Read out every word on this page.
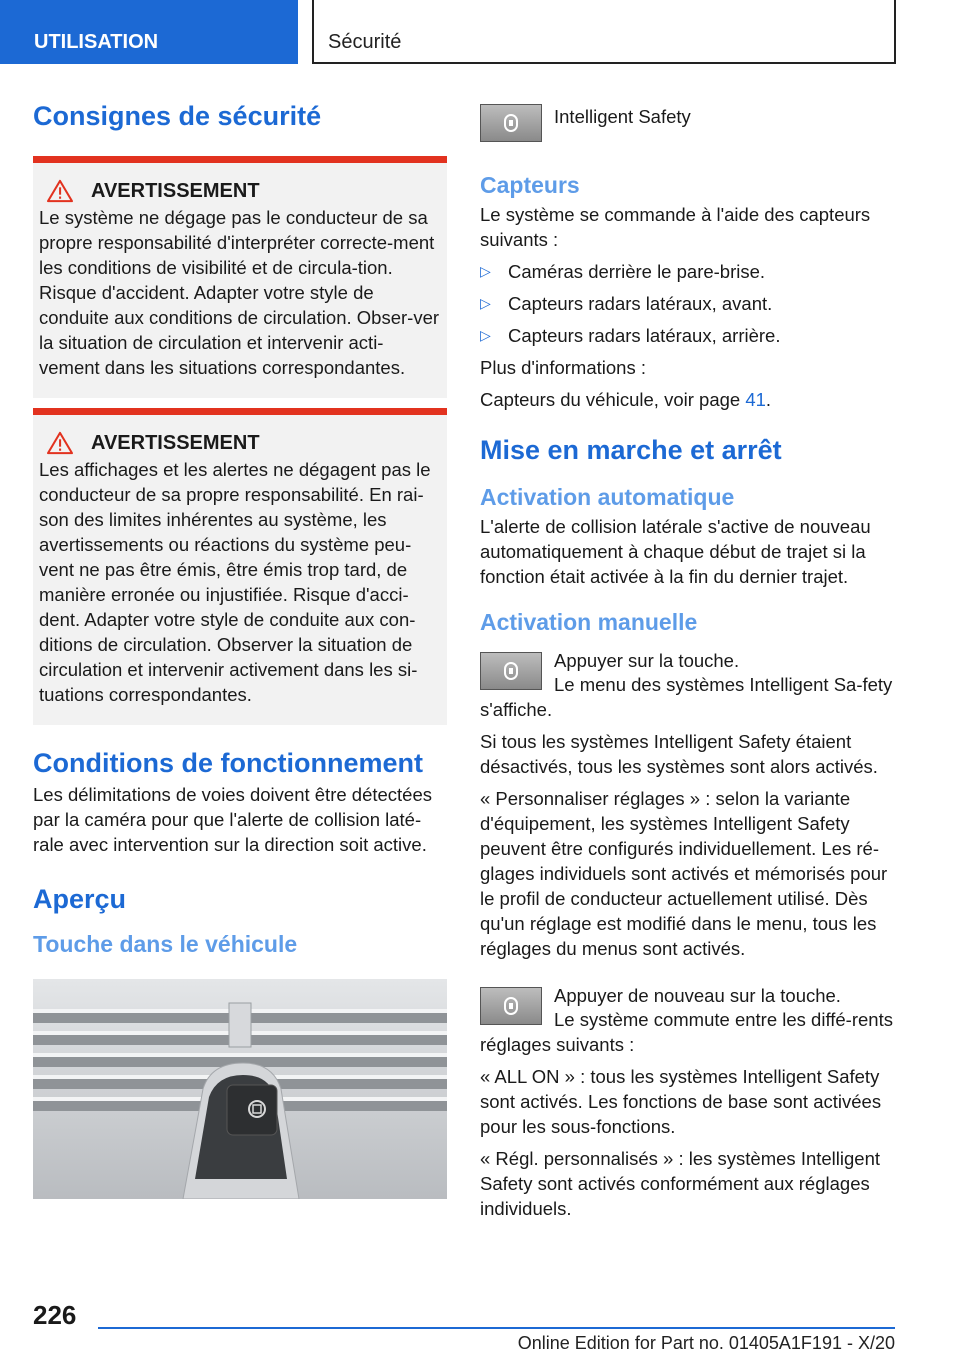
UTILISATION	Sécurité
Consignes de sécurité
AVERTISSEMENT

Le système ne dégage pas le conducteur de sa propre responsabilité d'interpréter correcte-ment les conditions de visibilité et de circula-tion. Risque d'accident. Adapter votre style de conduite aux conditions de circulation. Obser-ver la situation de circulation et intervenir acti-vement dans les situations correspondantes.

AVERTISSEMENT

Les affichages et les alertes ne dégagent pas le conducteur de sa propre responsabilité. En rai-son des limites inhérentes au système, les avertissements ou réactions du système peu-vent ne pas être émis, être émis trop tard, de manière erronée ou injustifiée. Risque d'acci-dent. Adapter votre style de conduite aux con-ditions de circulation. Observer la situation de circulation et intervenir activement dans les si-tuations correspondantes.

Conditions de fonctionnement

Les délimitations de voies doivent être détectées par la caméra pour que l'alerte de collision laté-rale avec intervention sur la direction soit active.

Aperçu
Touche dans le véhicule

Intelligent Safety

Capteurs

Le système se commande à l'aide des capteurs suivants :

▷ Caméras derrière le pare-brise.
▷ Capteurs radars latéraux, avant.
▷ Capteurs radars latéraux, arrière.

Plus d'informations :

Capteurs du véhicule, voir page 41.

Mise en marche et arrêt
Activation automatique

L'alerte de collision latérale s'active de nouveau automatiquement à chaque début de trajet si la fonction était activée à la fin du dernier trajet.

Activation manuelle

Appuyer sur la touche.

Le menu des systèmes Intelligent Sa-fety s'affiche.

Si tous les systèmes Intelligent Safety étaient désactivés, tous les systèmes sont alors activés.

« Personnaliser réglages » : selon la variante d'équipement, les systèmes Intelligent Safety peuvent être configurés individuellement. Les ré-glages individuels sont activés et mémorisés pour le profil de conducteur actuellement utilisé. Dès qu'un réglage est modifié dans le menu, tous les réglages du menus sont activés.

Appuyer de nouveau sur la touche.

Le système commute entre les diffé-rents réglages suivants :

« ALL ON » : tous les systèmes Intelligent Safety sont activés. Les fonctions de base sont activées pour les sous-fonctions.

« Régl. personnalisés » : les systèmes Intelligent Safety sont activés conformément aux réglages individuels.

226
Online Edition for Part no. 01405A1F191 - X/20
